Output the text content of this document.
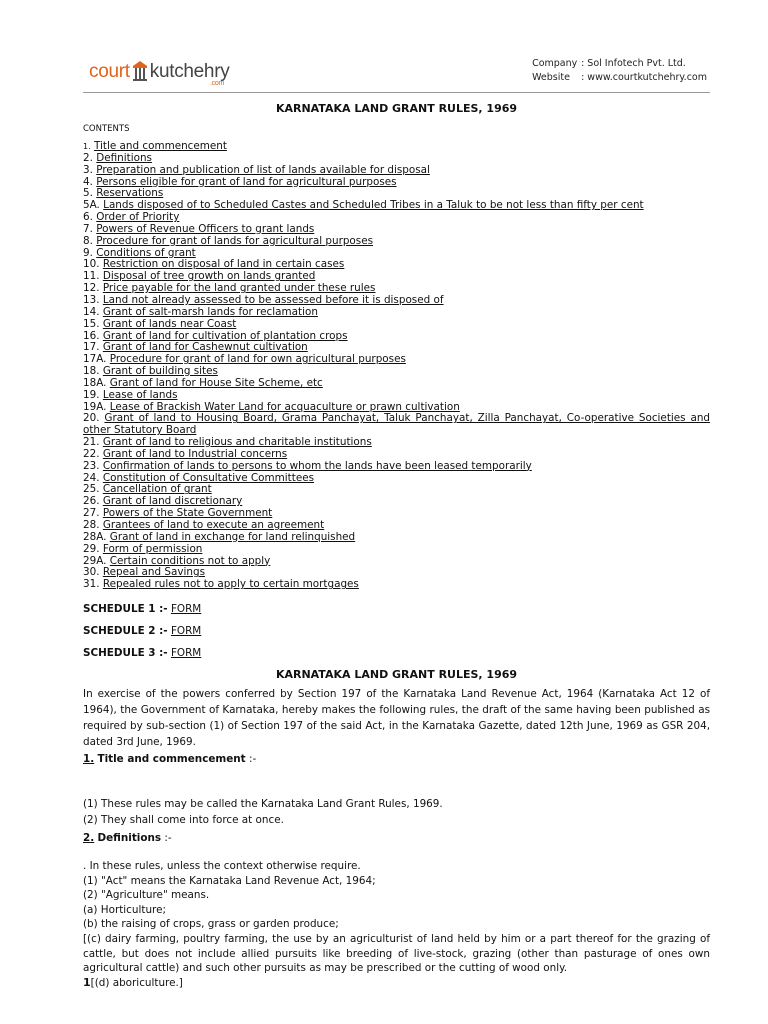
court kutchehry
.com
Company : Sol Infotech Pvt. Ltd.
Website : www.courtkutchehry.com

KARNATAKA LAND GRANT RULES, 1969

CONTENTS
1. Title and commencement
2. Definitions
3. Preparation and publication of list of lands available for disposal
4. Persons eligible for grant of land for agricultural purposes
5. Reservations
5A. Lands disposed of to Scheduled Castes and Scheduled Tribes in a Taluk to be not less than fifty per cent
6. Order of Priority
7. Powers of Revenue Officers to grant lands
8. Procedure for grant of lands for agricultural purposes
9. Conditions of grant
10. Restriction on disposal of land in certain cases
11. Disposal of tree growth on lands granted
12. Price payable for the land granted under these rules
13. Land not already assessed to be assessed before it is disposed of
14. Grant of salt-marsh lands for reclamation
15. Grant of lands near Coast
16. Grant of land for cultivation of plantation crops
17. Grant of land for Cashewnut cultivation
17A. Procedure for grant of land for own agricultural purposes
18. Grant of building sites
18A. Grant of land for House Site Scheme, etc
19. Lease of lands
19A. Lease of Brackish Water Land for acquaculture or prawn cultivation
20. Grant of land to Housing Board, Grama Panchayat, Taluk Panchayat, Zilla Panchayat, Co-operative Societies and other Statutory Board
21. Grant of land to religious and charitable institutions
22. Grant of land to Industrial concerns
23. Confirmation of lands to persons to whom the lands have been leased temporarily
24. Constitution of Consultative Committees
25. Cancellation of grant
26. Grant of land discretionary
27. Powers of the State Government
28. Grantees of land to execute an agreement
28A. Grant of land in exchange for land relinquished
29. Form of permission
29A. Certain conditions not to apply
30. Repeal and Savings
31. Repealed rules not to apply to certain mortgages
SCHEDULE 1 :- FORM
SCHEDULE 2 :- FORM
SCHEDULE 3 :- FORM

KARNATAKA LAND GRANT RULES, 1969

In exercise of the powers conferred by Section 197 of the Karnataka Land Revenue Act, 1964 (Karnataka Act 12 of 1964), the Government of Karnataka, hereby makes the following rules, the draft of the same having been published as required by sub-section (1) of Section 197 of the said Act, in the Karnataka Gazette, dated 12th June, 1969 as GSR 204, dated 3rd June, 1969.
1. Title and commencement :-
(1) These rules may be called the Karnataka Land Grant Rules, 1969.
(2) They shall come into force at once.
2. Definitions :-
. In these rules, unless the context otherwise require.
(1) "Act" means the Karnataka Land Revenue Act, 1964;
(2) "Agriculture" means.
(a) Horticulture;
(b) the raising of crops, grass or garden produce;
[(c) dairy farming, poultry farming, the use by an agriculturist of land held by him or a part thereof for the grazing of cattle, but does not include allied pursuits like breeding of live-stock, grazing (other than pasturage of ones own agricultural cattle) and such other pursuits as may be prescribed or the cutting of wood only.
1[(d) aboriculture.]
